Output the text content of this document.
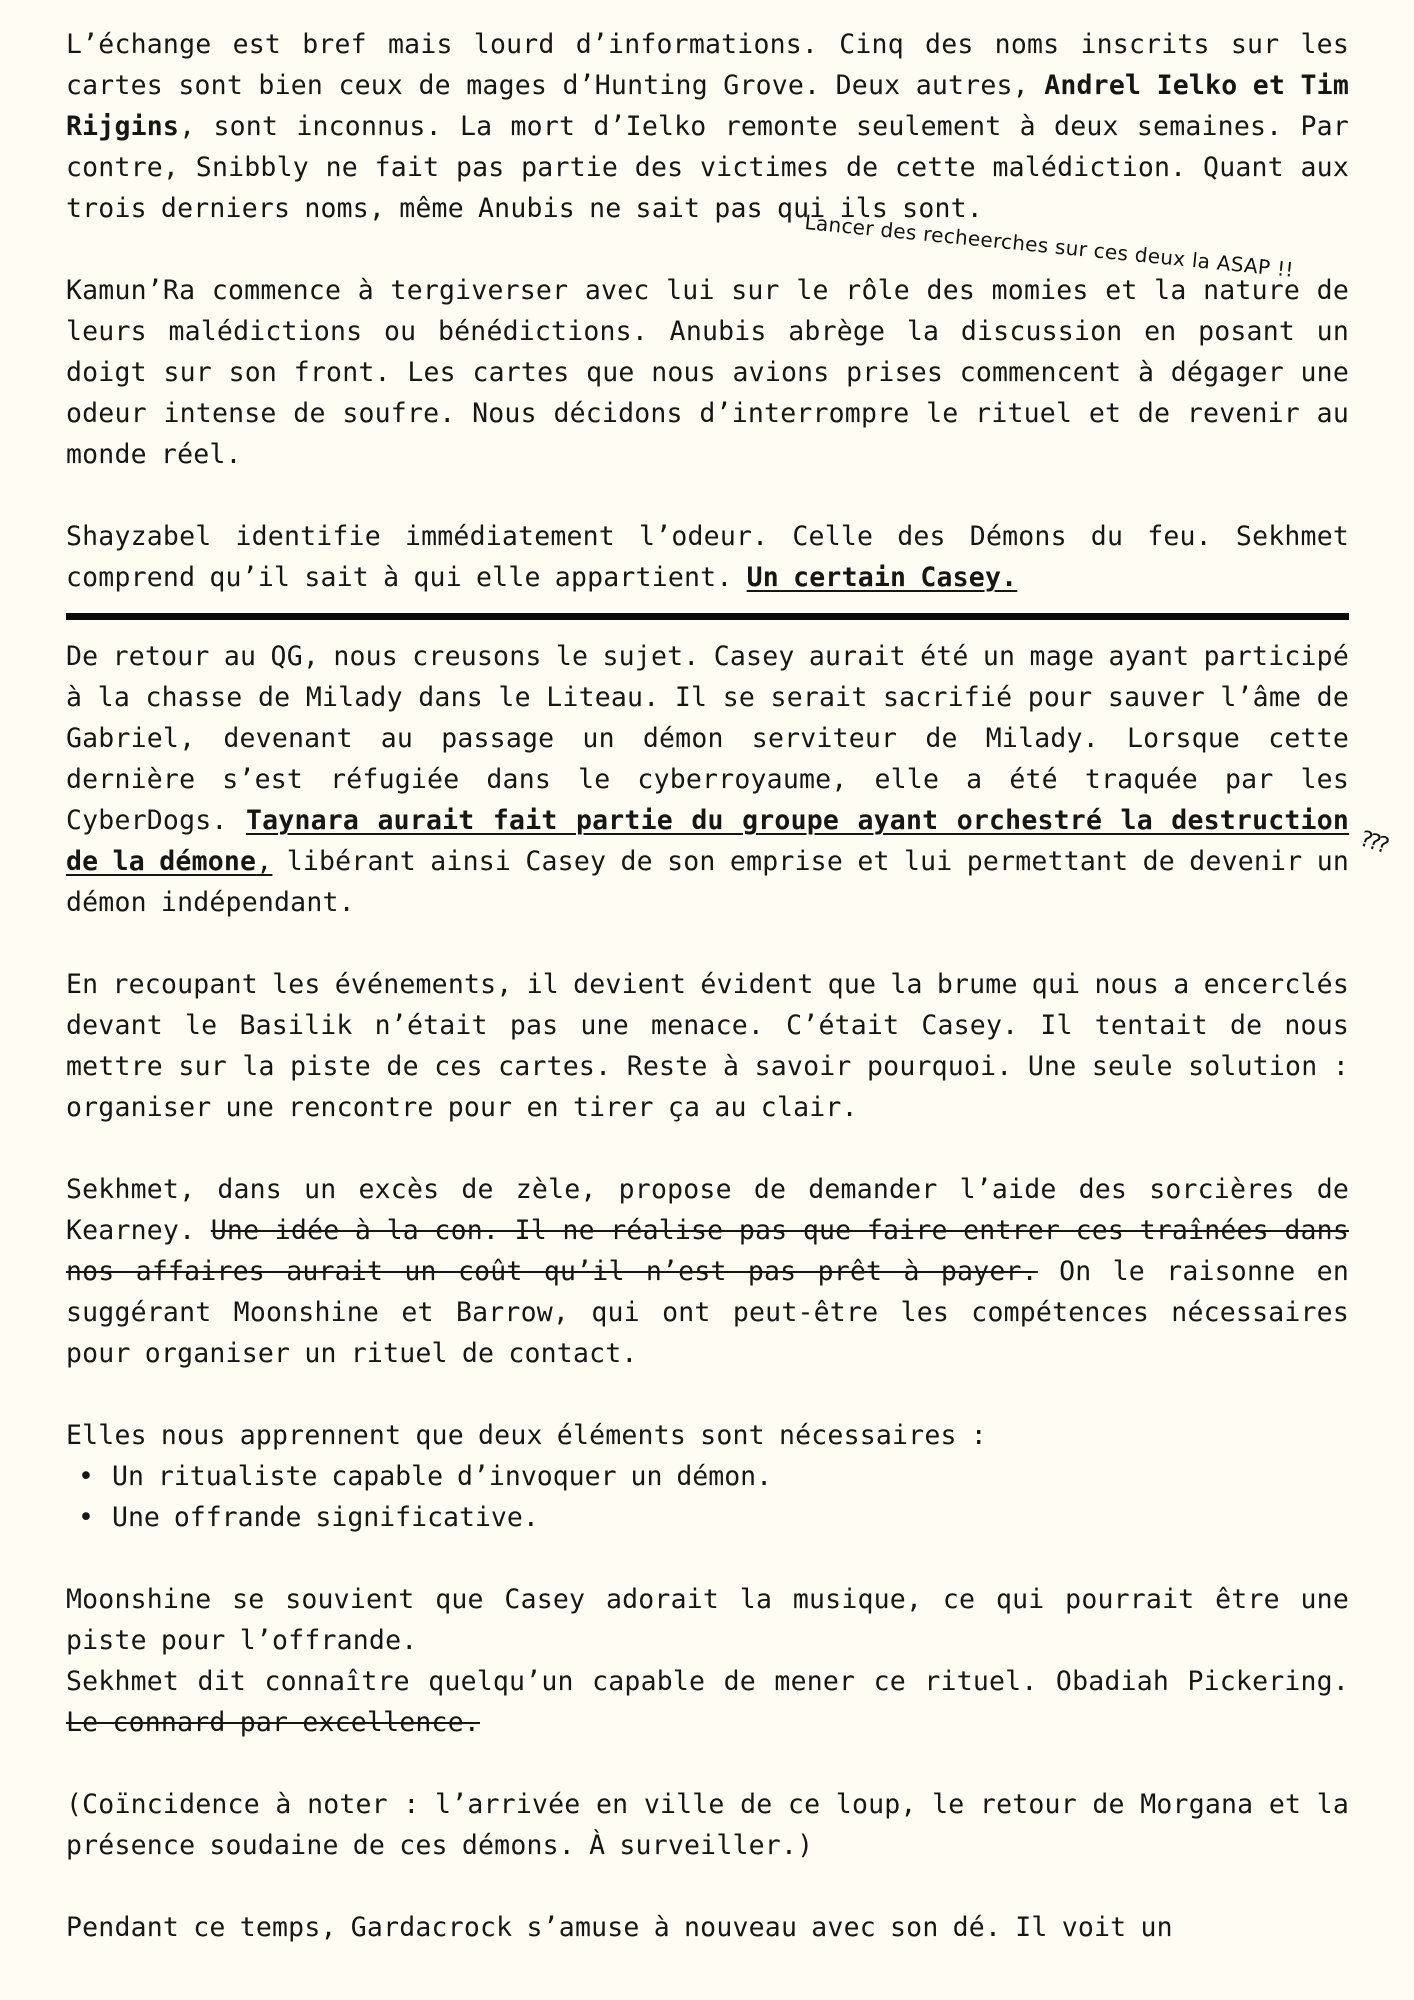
L’échange est bref mais lourd d’informations. Cinq des noms inscrits sur les cartes sont bien ceux de mages d’Hunting Grove. Deux autres, Andrel Ielko et Tim Rijgins, sont inconnus. La mort d’Ielko remonte seulement à deux semaines. Par contre, Snibbly ne fait pas partie des victimes de cette malédiction. Quant aux trois derniers noms, même Anubis ne sait pas qui ils sont.

Kamun’Ra commence à tergiverser avec lui sur le rôle des momies et la nature de leurs malédictions ou bénédictions. Anubis abrège la discussion en posant un doigt sur son front. Les cartes que nous avions prises commencent à dégager une odeur intense de soufre. Nous décidons d’interrompre le rituel et de revenir au monde réel.

Shayzabel identifie immédiatement l’odeur. Celle des Démons du feu. Sekhmet comprend qu’il sait à qui elle appartient. Un certain Casey.

De retour au QG, nous creusons le sujet. Casey aurait été un mage ayant participé à la chasse de Milady dans le Liteau. Il se serait sacrifié pour sauver l’âme de Gabriel, devenant au passage un démon serviteur de Milady. Lorsque cette dernière s’est réfugiée dans le cyberroyaume, elle a été traquée par les CyberDogs. Taynara aurait fait partie du groupe ayant orchestré la destruction de la démone, libérant ainsi Casey de son emprise et lui permettant de devenir un démon indépendant.

En recoupant les événements, il devient évident que la brume qui nous a encerclés devant le Basilik n’était pas une menace. C’était Casey. Il tentait de nous mettre sur la piste de ces cartes. Reste à savoir pourquoi. Une seule solution : organiser une rencontre pour en tirer ça au clair.

Sekhmet, dans un excès de zèle, propose de demander l’aide des sorcières de Kearney. Une idée à la con. Il ne réalise pas que faire entrer ces traînées dans nos affaires aurait un coût qu’il n’est pas prêt à payer. On le raisonne en suggérant Moonshine et Barrow, qui ont peut-être les compétences nécessaires pour organiser un rituel de contact.

Elles nous apprennent que deux éléments sont nécessaires :

• Un ritualiste capable d’invoquer un démon.
• Une offrande significative.

Moonshine se souvient que Casey adorait la musique, ce qui pourrait être une piste pour l’offrande.

Sekhmet dit connaître quelqu’un capable de mener ce rituel. Obadiah Pickering. Le connard par excellence.

(Coïncidence à noter : l’arrivée en ville de ce loup, le retour de Morgana et la présence soudaine de ces démons. À surveiller.)

Pendant ce temps, Gardacrock s’amuse à nouveau avec son dé. Il voit un

Lancer des recheerches sur ces deux la ASAP !!
???
